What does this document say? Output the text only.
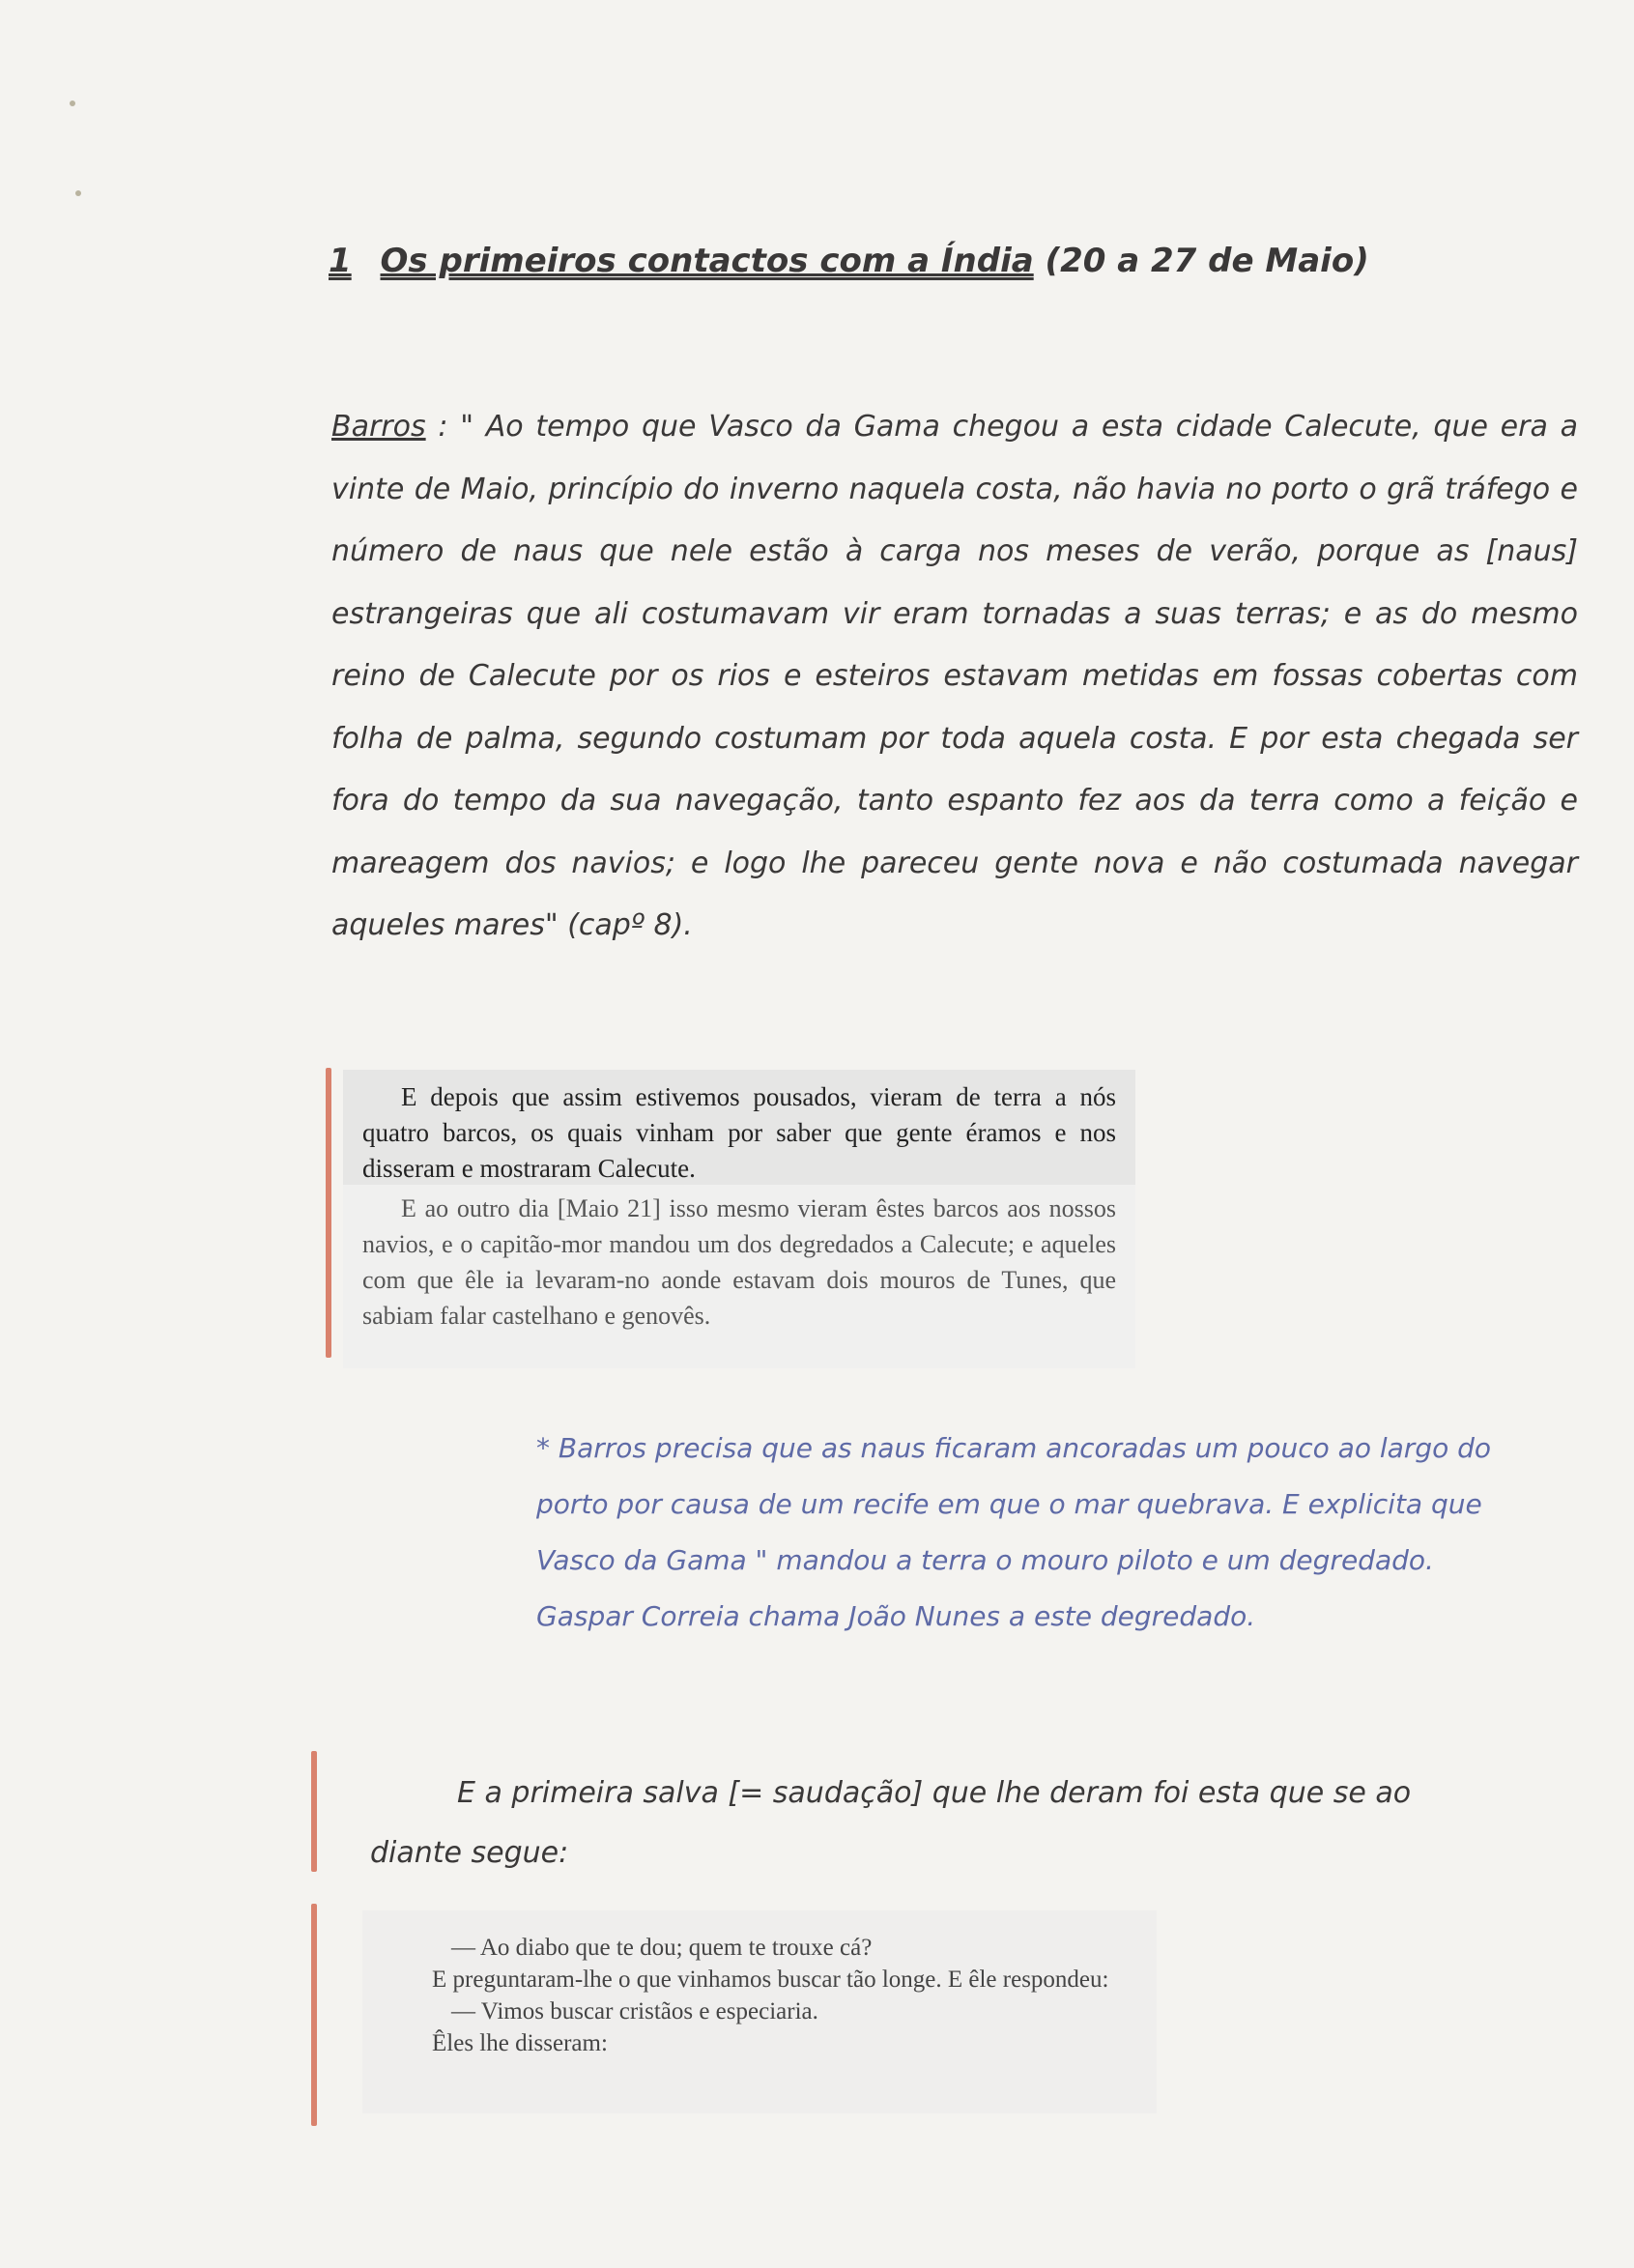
1 Os primeiros contactos com a Índia (20 a 27 de Maio)

Barros : " Ao tempo que Vasco da Gama chegou a esta cidade Calecute, que era a vinte de Maio, princípio do inverno naquela costa, não havia no porto o grã tráfego e número de naus que nele estão à carga nos meses de verão, porque as [naus] estrangeiras que ali costumavam vir eram tornadas a suas terras; e as do mesmo reino de Calecute por os rios e esteiros estavam metidas em fossas cobertas com folha de palma, segundo costumam por toda aquela costa. E por esta chegada ser fora do tempo da sua navegação, tanto espanto fez aos da terra como a feição e mareagem dos navios; e logo lhe pareceu gente nova e não costumada navegar aqueles mares" (capº 8).

E depois que assim estivemos pousados, vieram de terra a nós quatro barcos, os quais vinham por saber que gente éramos e nos disseram e mostraram Calecute.

E ao outro dia [Maio 21] isso mesmo vieram êstes barcos aos nossos navios, e o capitão-mor mandou um dos degredados a Calecute; e aqueles com que êle ia levaram-no aonde estavam dois mouros de Tunes, que sabiam falar castelhano e genovês.

* Barros precisa que as naus ficaram ancoradas um pouco ao largo do porto por causa de um recife em que o mar quebrava. E explicita que Vasco da Gama " mandou a terra o mouro piloto e um degredado. Gaspar Correia chama João Nunes a este degredado.

E a primeira salva [= saudação] que lhe deram foi esta que se ao diante segue:

— Ao diabo que te dou; quem te trouxe cá?

E preguntaram-lhe o que vinhamos buscar tão longe. E êle respondeu:

— Vimos buscar cristãos e especiaria.

Êles lhe disseram:
